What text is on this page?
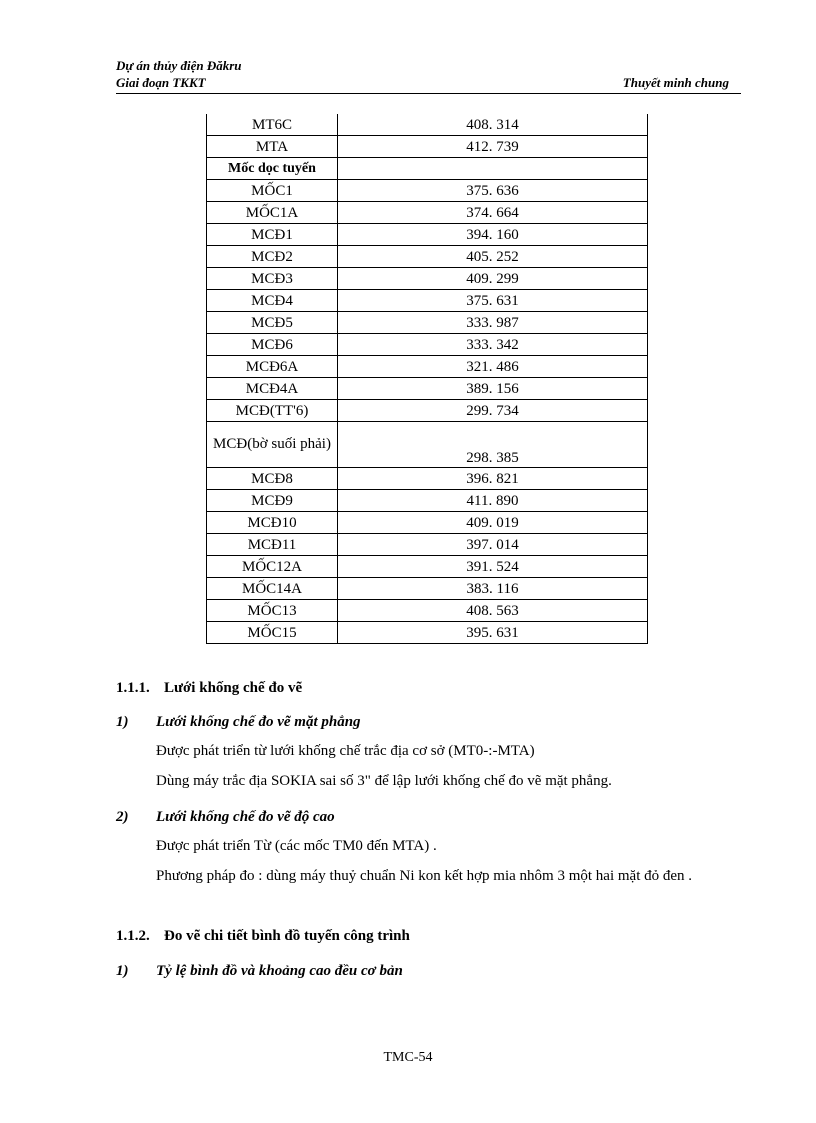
Dự án thủy điện Đăkru
Giai đoạn TKKT	Thuyết minh chung
MT6C	408. 314
MTA	412. 739
Mốc dọc tuyến	
MỐC1	375. 636
MỐC1A	374. 664
MCĐ1	394. 160
MCĐ2	405. 252
MCĐ3	409. 299
MCĐ4	375. 631
MCĐ5	333. 987
MCĐ6	333. 342
MCĐ6A	321. 486
MCĐ4A	389. 156
MCĐ(TT'6)	299. 734
MCĐ(bờ suối phải)	298. 385
MCĐ8	396. 821
MCĐ9	411. 890
MCĐ10	409. 019
MCĐ11	397. 014
MỐC12A	391. 524
MỐC14A	383. 116
MỐC13	408. 563
MỐC15	395. 631
1.1.1. Lưới khống chế đo vẽ
1) Lưới khống chế đo vẽ mặt phẳng
Được phát triển từ lưới khống chế trắc địa cơ sở (MT0-:-MTA)
Dùng máy trắc địa SOKIA sai số 3" để lập lưới khống chế đo vẽ mặt phẳng.
2) Lưới khống chế đo vẽ độ cao
Được phát triển Từ (các mốc TM0 đến MTA) .
Phương pháp đo : dùng máy thuỷ chuẩn Ni kon kết hợp mia nhôm 3 một hai mặt đỏ đen .
1.1.2. Đo vẽ chi tiết bình đồ tuyến công trình
1) Tỷ lệ bình đồ và khoảng cao đều cơ bản
TMC-54
